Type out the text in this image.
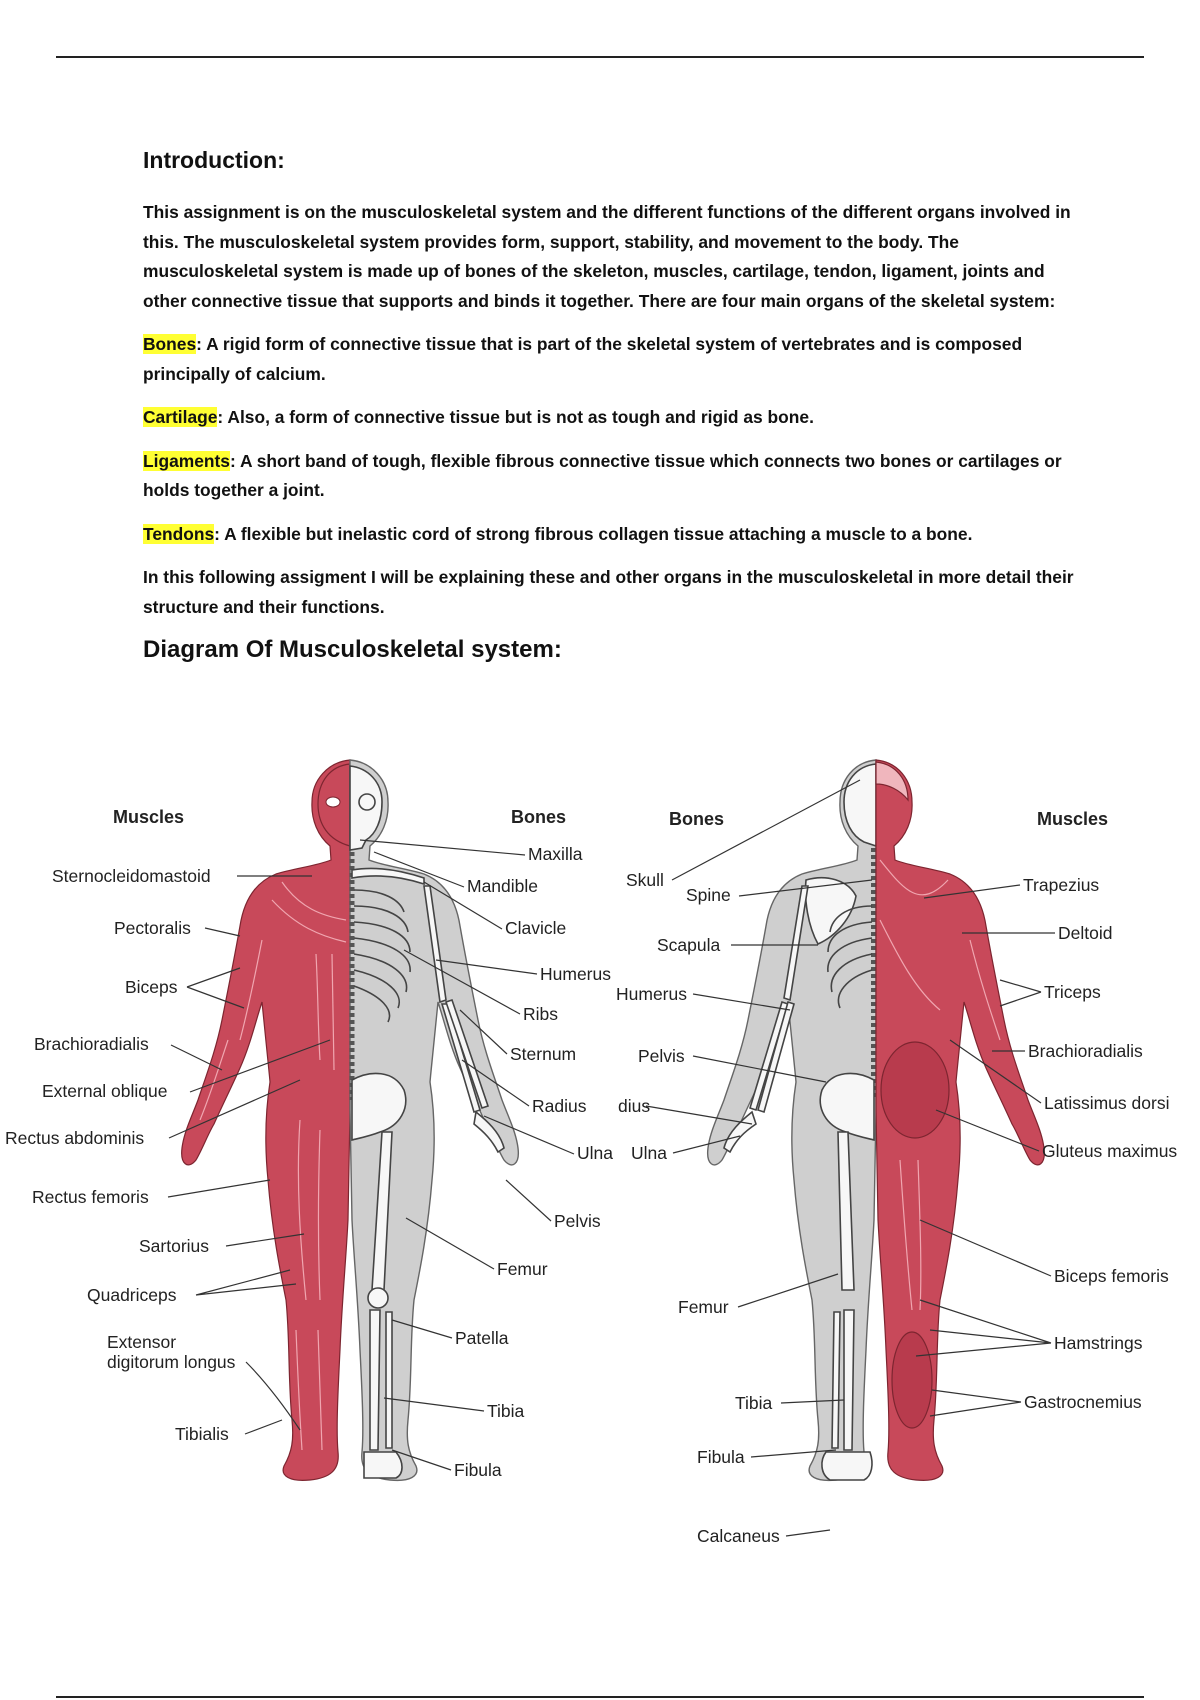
Introduction:

This assignment is on the musculoskeletal system and the different functions of the different organs involved in this. The musculoskeletal system provides form, support, stability, and movement to the body. The musculoskeletal system is made up of bones of the skeleton, muscles, cartilage, tendon, ligament, joints and other connective tissue that supports and binds it together. There are four main organs of the skeletal system:

Bones: A rigid form of connective tissue that is part of the skeletal system of vertebrates and is composed principally of calcium.

Cartilage: Also, a form of connective tissue but is not as tough and rigid as bone.

Ligaments: A short band of tough, flexible fibrous connective tissue which connects two bones or cartilages or holds together a joint.

Tendons: A flexible but inelastic cord of strong fibrous collagen tissue attaching a muscle to a bone.

In this following assigment I will be explaining these and other organs in the musculoskeletal in more detail their structure and their functions.

Diagram Of Musculoskeletal system:
Muscles	Bones
Sternocleidomastoid
Pectoralis
Biceps
Brachioradialis
External oblique
Rectus abdominis
Rectus femoris
Sartorius
Quadriceps
Extensor
digitorum longus
Tibialis
Maxilla
Mandible
Clavicle
Humerus
Ribs
Sternum
Radius
Ulna
Pelvis
Femur
Patella
Tibia
Fibula
Bones	Muscles
Skull
Spine
Scapula
Humerus
Pelvis
dius
Ulna
Femur
Tibia
Fibula
Calcaneus
Trapezius
Deltoid
Triceps
Brachioradialis
Latissimus dorsi
Gluteus maximus
Biceps femoris
Hamstrings
Gastrocnemius
